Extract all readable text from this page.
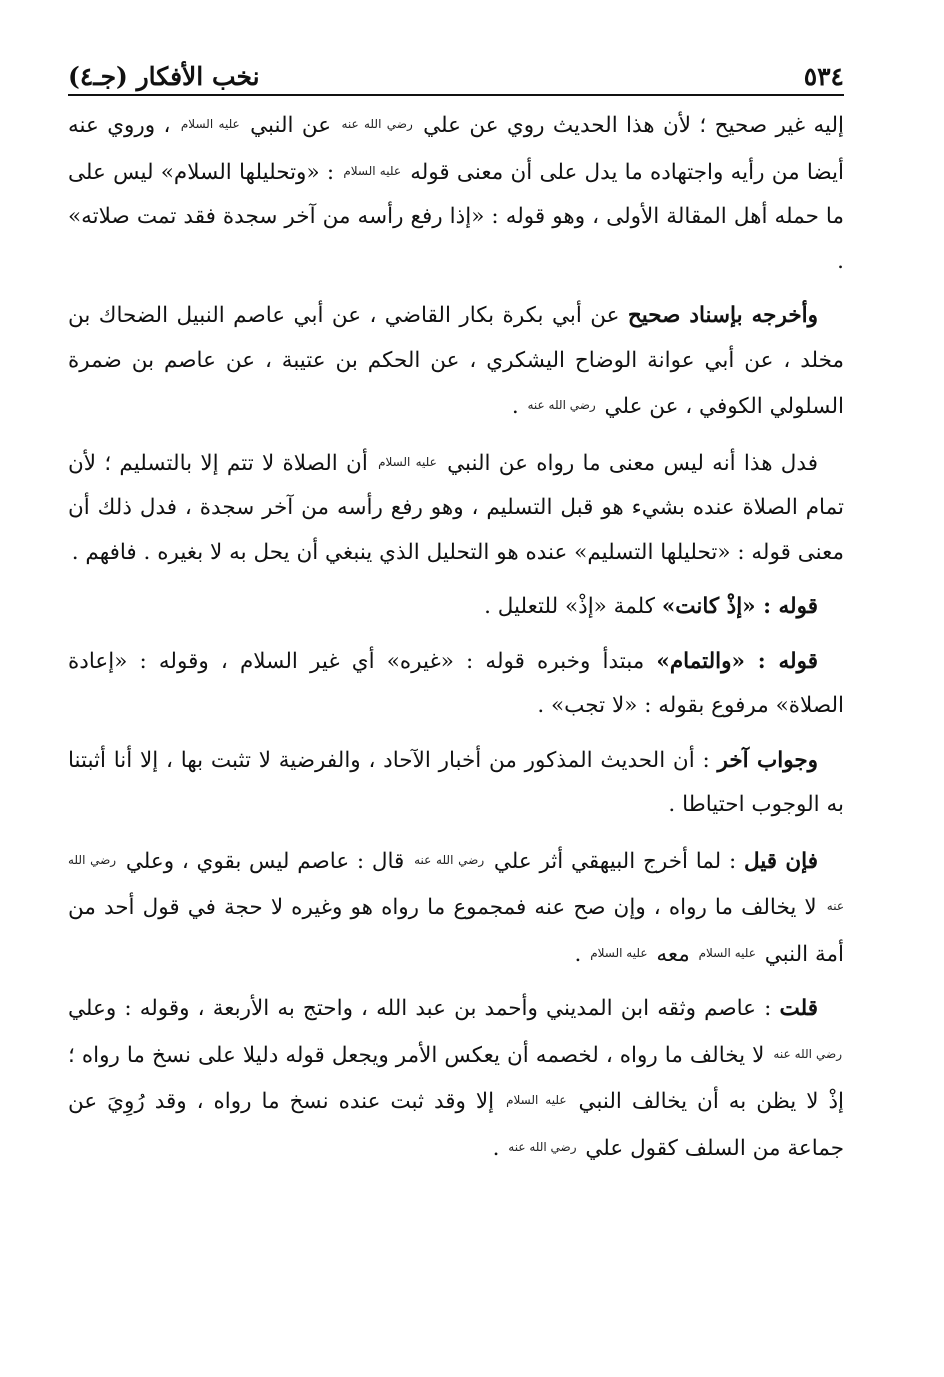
٥٣٤
نخب الأفكار (جـ٤)

إليه غير صحيح ؛ لأن هذا الحديث روي عن علي رضي الله عنه عن النبي عليه السلام ، وروي عنه أيضا من رأيه واجتهاده ما يدل على أن معنى قوله عليه السلام : «وتحليلها السلام» ليس على ما حمله أهل المقالة الأولى ، وهو قوله : «إذا رفع رأسه من آخر سجدة فقد تمت صلاته» .

وأخرجه بإسناد صحيح عن أبي بكرة بكار القاضي ، عن أبي عاصم النبيل الضحاك بن مخلد ، عن أبي عوانة الوضاح اليشكري ، عن الحكم بن عتيبة ، عن عاصم بن ضمرة السلولي الكوفي ، عن علي رضي الله عنه .

فدل هذا أنه ليس معنى ما رواه عن النبي عليه السلام أن الصلاة لا تتم إلا بالتسليم ؛ لأن تمام الصلاة عنده بشيء هو قبل التسليم ، وهو رفع رأسه من آخر سجدة ، فدل ذلك أن معنى قوله : «تحليلها التسليم» عنده هو التحليل الذي ينبغي أن يحل به لا بغيره . فافهم .

قوله : «إذْ كانت» كلمة «إذْ» للتعليل .

قوله : «والتمام» مبتدأ وخبره قوله : «غيره» أي غير السلام ، وقوله : «إعادة الصلاة» مرفوع بقوله : «لا تجب» .

وجواب آخر : أن الحديث المذكور من أخبار الآحاد ، والفرضية لا تثبت بها ، إلا أنا أثبتنا به الوجوب احتياطا .

فإن قيل : لما أخرج البيهقي أثر علي رضي الله عنه قال : عاصم ليس بقوي ، وعلي رضي الله عنه لا يخالف ما رواه ، وإن صح عنه فمجموع ما رواه هو وغيره لا حجة في قول أحد من أمة النبي عليه السلام معه عليه السلام .

قلت : عاصم وثقه ابن المديني وأحمد بن عبد الله ، واحتج به الأربعة ، وقوله : وعلي رضي الله عنه لا يخالف ما رواه ، لخصمه أن يعكس الأمر ويجعل قوله دليلا على نسخ ما رواه ؛ إذْ لا يظن به أن يخالف النبي عليه السلام إلا وقد ثبت عنده نسخ ما رواه ، وقد رُوِيَ عن جماعة من السلف كقول علي رضي الله عنه .
